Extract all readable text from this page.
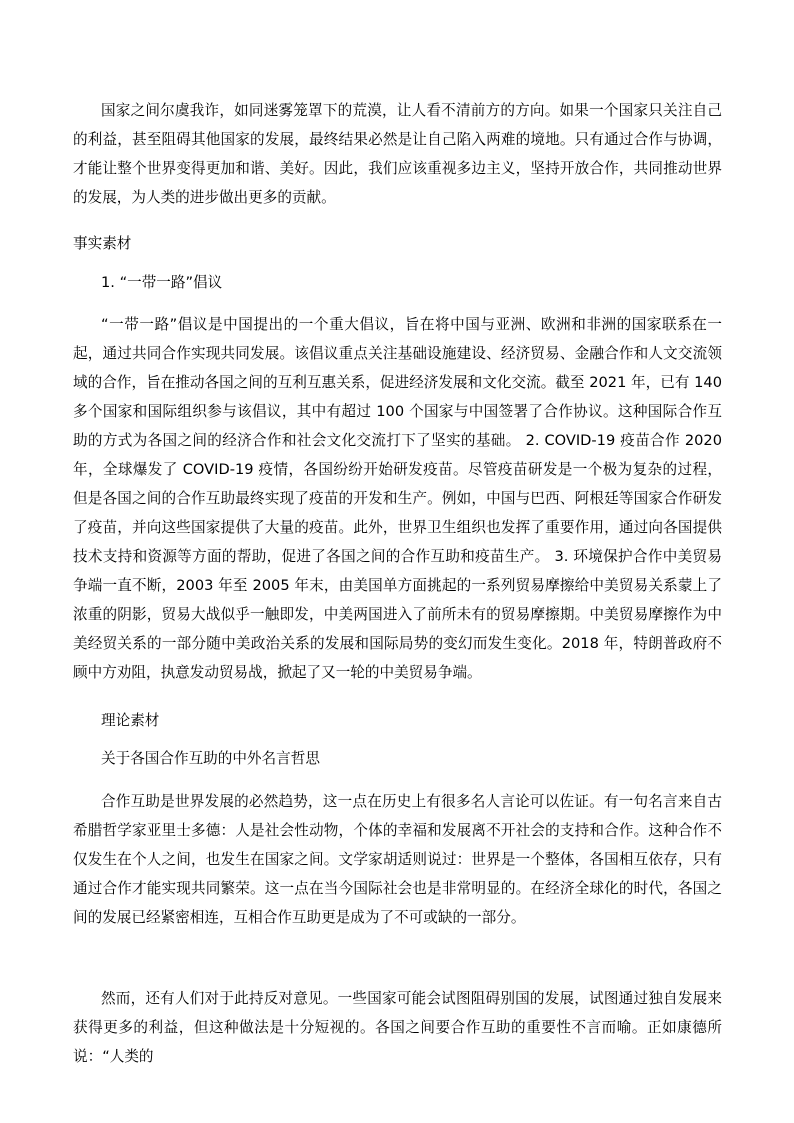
国家之间尔虞我诈，如同迷雾笼罩下的荒漠，让人看不清前方的方向。如果一个国家只关注自己的利益，甚至阻碍其他国家的发展，最终结果必然是让自己陷入两难的境地。只有通过合作与协调，才能让整个世界变得更加和谐、美好。因此，我们应该重视多边主义，坚持开放合作，共同推动世界的发展，为人类的进步做出更多的贡献。

事实素材

1. “一带一路”倡议

“一带一路”倡议是中国提出的一个重大倡议，旨在将中国与亚洲、欧洲和非洲的国家联系在一起，通过共同合作实现共同发展。该倡议重点关注基础设施建设、经济贸易、金融合作和人文交流领域的合作，旨在推动各国之间的互利互惠关系，促进经济发展和文化交流。截至 2021 年，已有 140 多个国家和国际组织参与该倡议，其中有超过 100 个国家与中国签署了合作协议。这种国际合作互助的方式为各国之间的经济合作和社会文化交流打下了坚实的基础。 2. COVID-19 疫苗合作 2020 年，全球爆发了 COVID-19 疫情，各国纷纷开始研发疫苗。尽管疫苗研发是一个极为复杂的过程，但是各国之间的合作互助最终实现了疫苗的开发和生产。例如，中国与巴西、阿根廷等国家合作研发了疫苗，并向这些国家提供了大量的疫苗。此外，世界卫生组织也发挥了重要作用，通过向各国提供技术支持和资源等方面的帮助，促进了各国之间的合作互助和疫苗生产。 3. 环境保护合作中美贸易争端一直不断，2003 年至 2005 年末，由美国单方面挑起的一系列贸易摩擦给中美贸易关系蒙上了浓重的阴影，贸易大战似乎一触即发，中美两国进入了前所未有的贸易摩擦期。中美贸易摩擦作为中美经贸关系的一部分随中美政治关系的发展和国际局势的变幻而发生变化。2018 年，特朗普政府不顾中方劝阻，执意发动贸易战，掀起了又一轮的中美贸易争端。

理论素材

关于各国合作互助的中外名言哲思

合作互助是世界发展的必然趋势，这一点在历史上有很多名人言论可以佐证。有一句名言来自古希腊哲学家亚里士多德：人是社会性动物，个体的幸福和发展离不开社会的支持和合作。这种合作不仅发生在个人之间，也发生在国家之间。文学家胡适则说过：世界是一个整体，各国相互依存，只有通过合作才能实现共同繁荣。这一点在当今国际社会也是非常明显的。在经济全球化的时代，各国之间的发展已经紧密相连，互相合作互助更是成为了不可或缺的一部分。

然而，还有人们对于此持反对意见。一些国家可能会试图阻碍别国的发展，试图通过独自发展来获得更多的利益，但这种做法是十分短视的。各国之间要合作互助的重要性不言而喻。正如康德所说：“人类的
